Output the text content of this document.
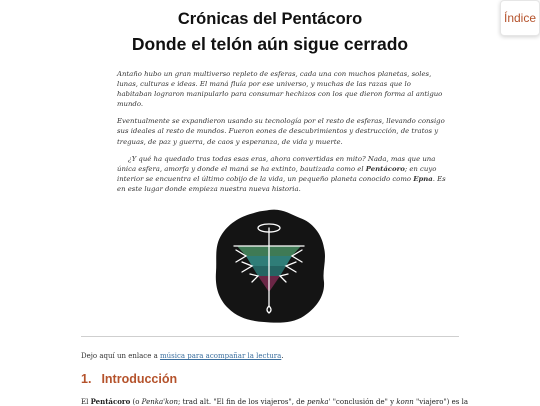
Índice
Crónicas del Pentácoro
Donde el telón aún sigue cerrado

Antaño hubo un gran multiverso repleto de esferas, cada una con muchos planetas, soles, lunas, culturas e ideas. El maná fluía por ese universo, y muchas de las razas que lo habitaban lograron manipularlo para consumar hechizos con los que dieron forma al antiguo mundo.

Eventualmente se expandieron usando su tecnología por el resto de esferas, llevando consigo sus ideales al resto de mundos. Fueron eones de descubrimientos y destrucción, de tratos y treguas, de paz y guerra, de caos y esperanza, de vida y muerte.

¿Y qué ha quedado tras todas esas eras, ahora convertidas en mito? Nada, mas que una única esfera, amorfa y donde el maná se ha extinto, bautizada como el Pentácoro; en cuyo interior se encuentra el último cobijo de la vida, un pequeño planeta conocido como Epna. Es en este lugar donde empieza nuestra nueva historia.

Dejo aquí un enlace a música para acompañar la lectura.
1. Introducción
El Pentácoro (o Penka'kon; trad alt. "El fin de los viajeros", de penka' "conclusión de" y konn "viajero") es la
